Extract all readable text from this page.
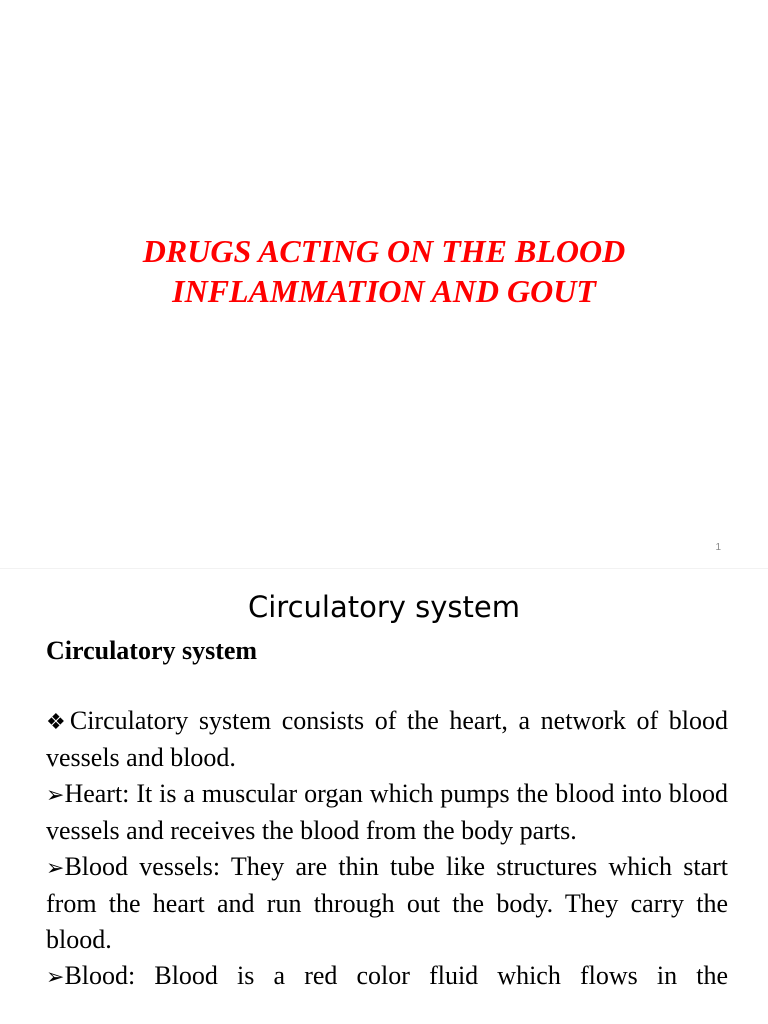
DRUGS ACTING ON THE BLOOD
INFLAMMATION AND GOUT
1
Circulatory system
Circulatory system

❖Circulatory system consists of the heart, a network of blood vessels and blood.

➢Heart: It is a muscular organ which pumps the blood into blood vessels and receives the blood from the body parts.

➢Blood vessels: They are thin tube like structures which start from the heart and run through out the body. They carry the blood.

➢Blood: Blood is a red color fluid which flows in the
